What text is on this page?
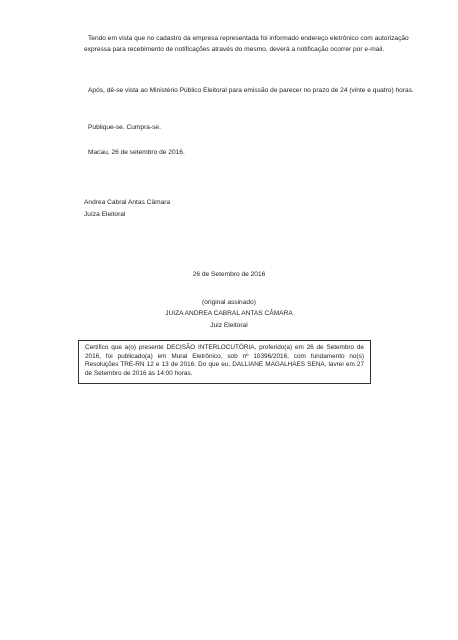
Tendo em vista que no cadastro da empresa representada foi informado endereço eletrônico com autorização expressa para recebimento de notificações através do mesmo, deverá a notificação ocorrer por e-mail.

Após, dê-se vista ao Ministério Público Eleitoral para emissão de parecer no prazo de 24 (vinte e quatro) horas.

Publique-se. Cumpra-se.

Macau, 26 de setembro de 2016.

Andrea Cabral Antas Câmara
Juíza Eleitoral
26 de Setembro de 2016
(original assinado)
JUIZA ANDREA CABRAL ANTAS CÂMARA
Juiz Eleitoral
Certifico que a(o) presente DECISÃO INTERLOCUTÓRIA, proferido(a) em 26 de Setembro de 2016, foi publicado(a) em Mural Eletrônico, sob nº 10396/2016, com fundamento no(s) Resoluções TRE-RN 12 e 13 de 2016. Do que eu, DALLIANE MAGALHAES SENA, lavrei em 27 de Setembro de 2016 às 14:00 horas.
